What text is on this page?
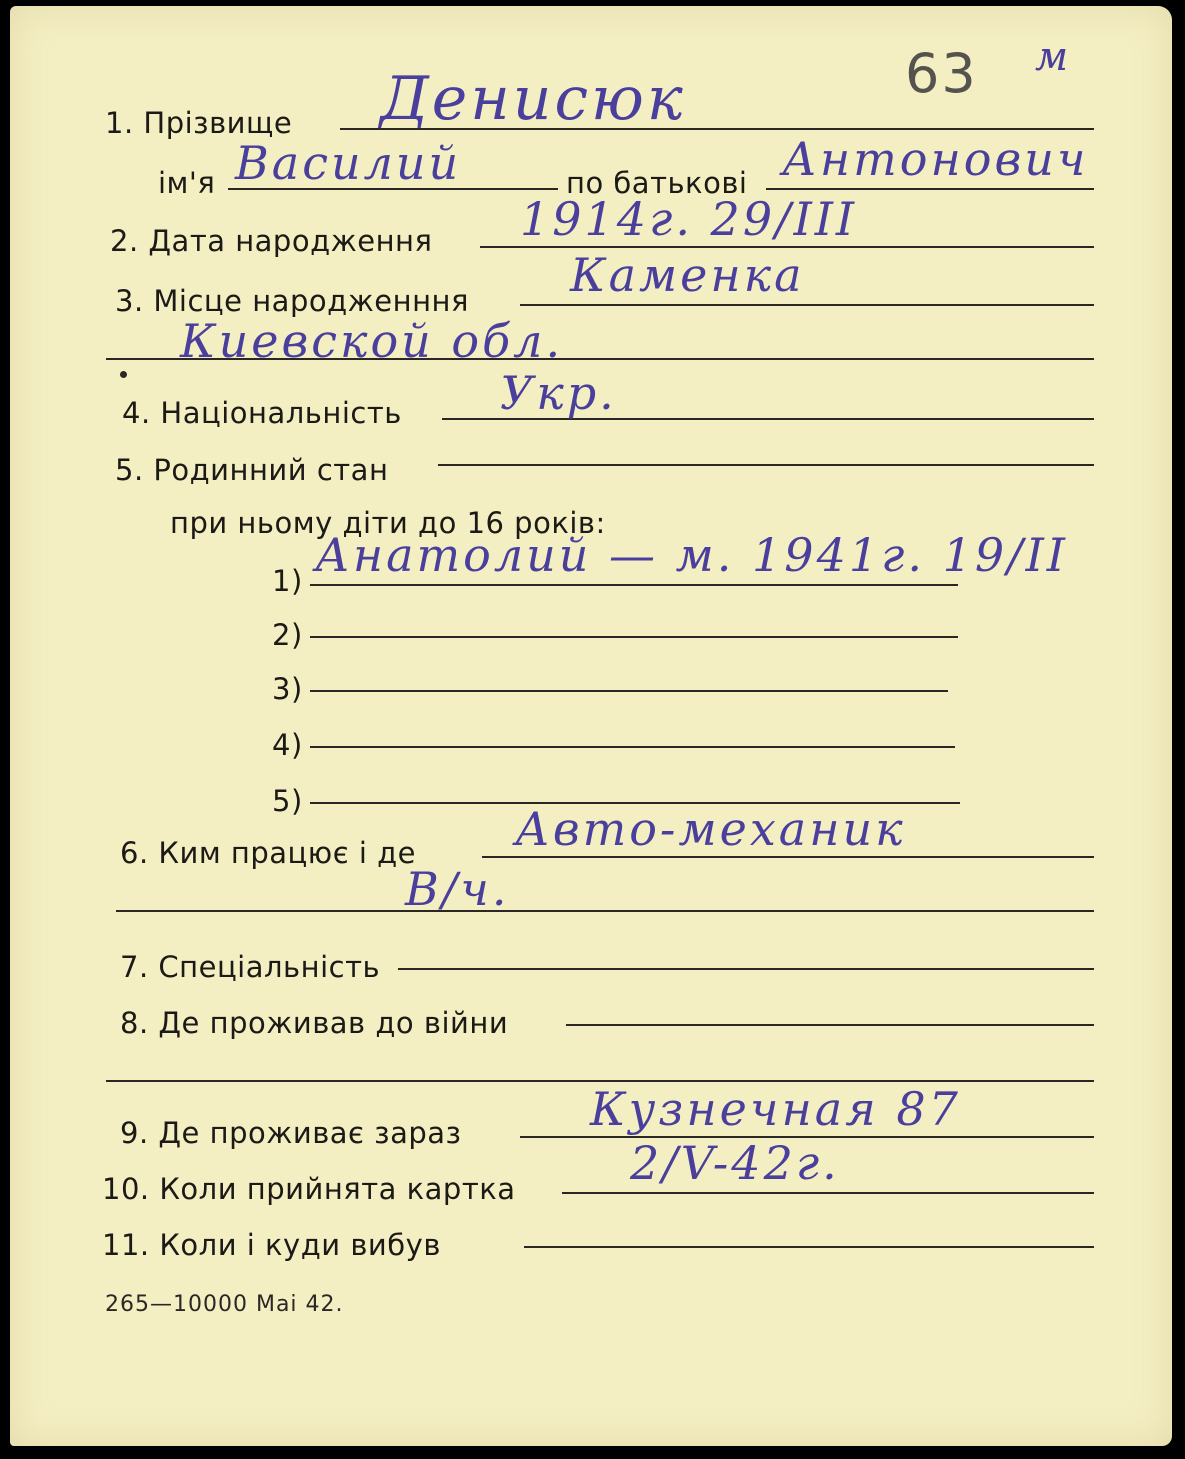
1. Прізвище Денисюк	63 м
ім'я Василий	по батькові Антонович
2. Дата народження 1914г. 29/III
3. Місце народженння Каменка
Киевской обл.
4. Національність Укр.
5. Родинний стан
при ньому діти до 16 років:
1) Анатолий — м. 1941г. 19/II
2)
3)
4)
5)
6. Ким працює і де Авто-механик
В/ч.
7. Спеціальність
8. Де проживав до війни
9. Де проживає зараз	Кузнечная 87
10. Коли прийнята картка 2/V-42г.
11. Коли і куди вибув
265—10000 Mai 42.
